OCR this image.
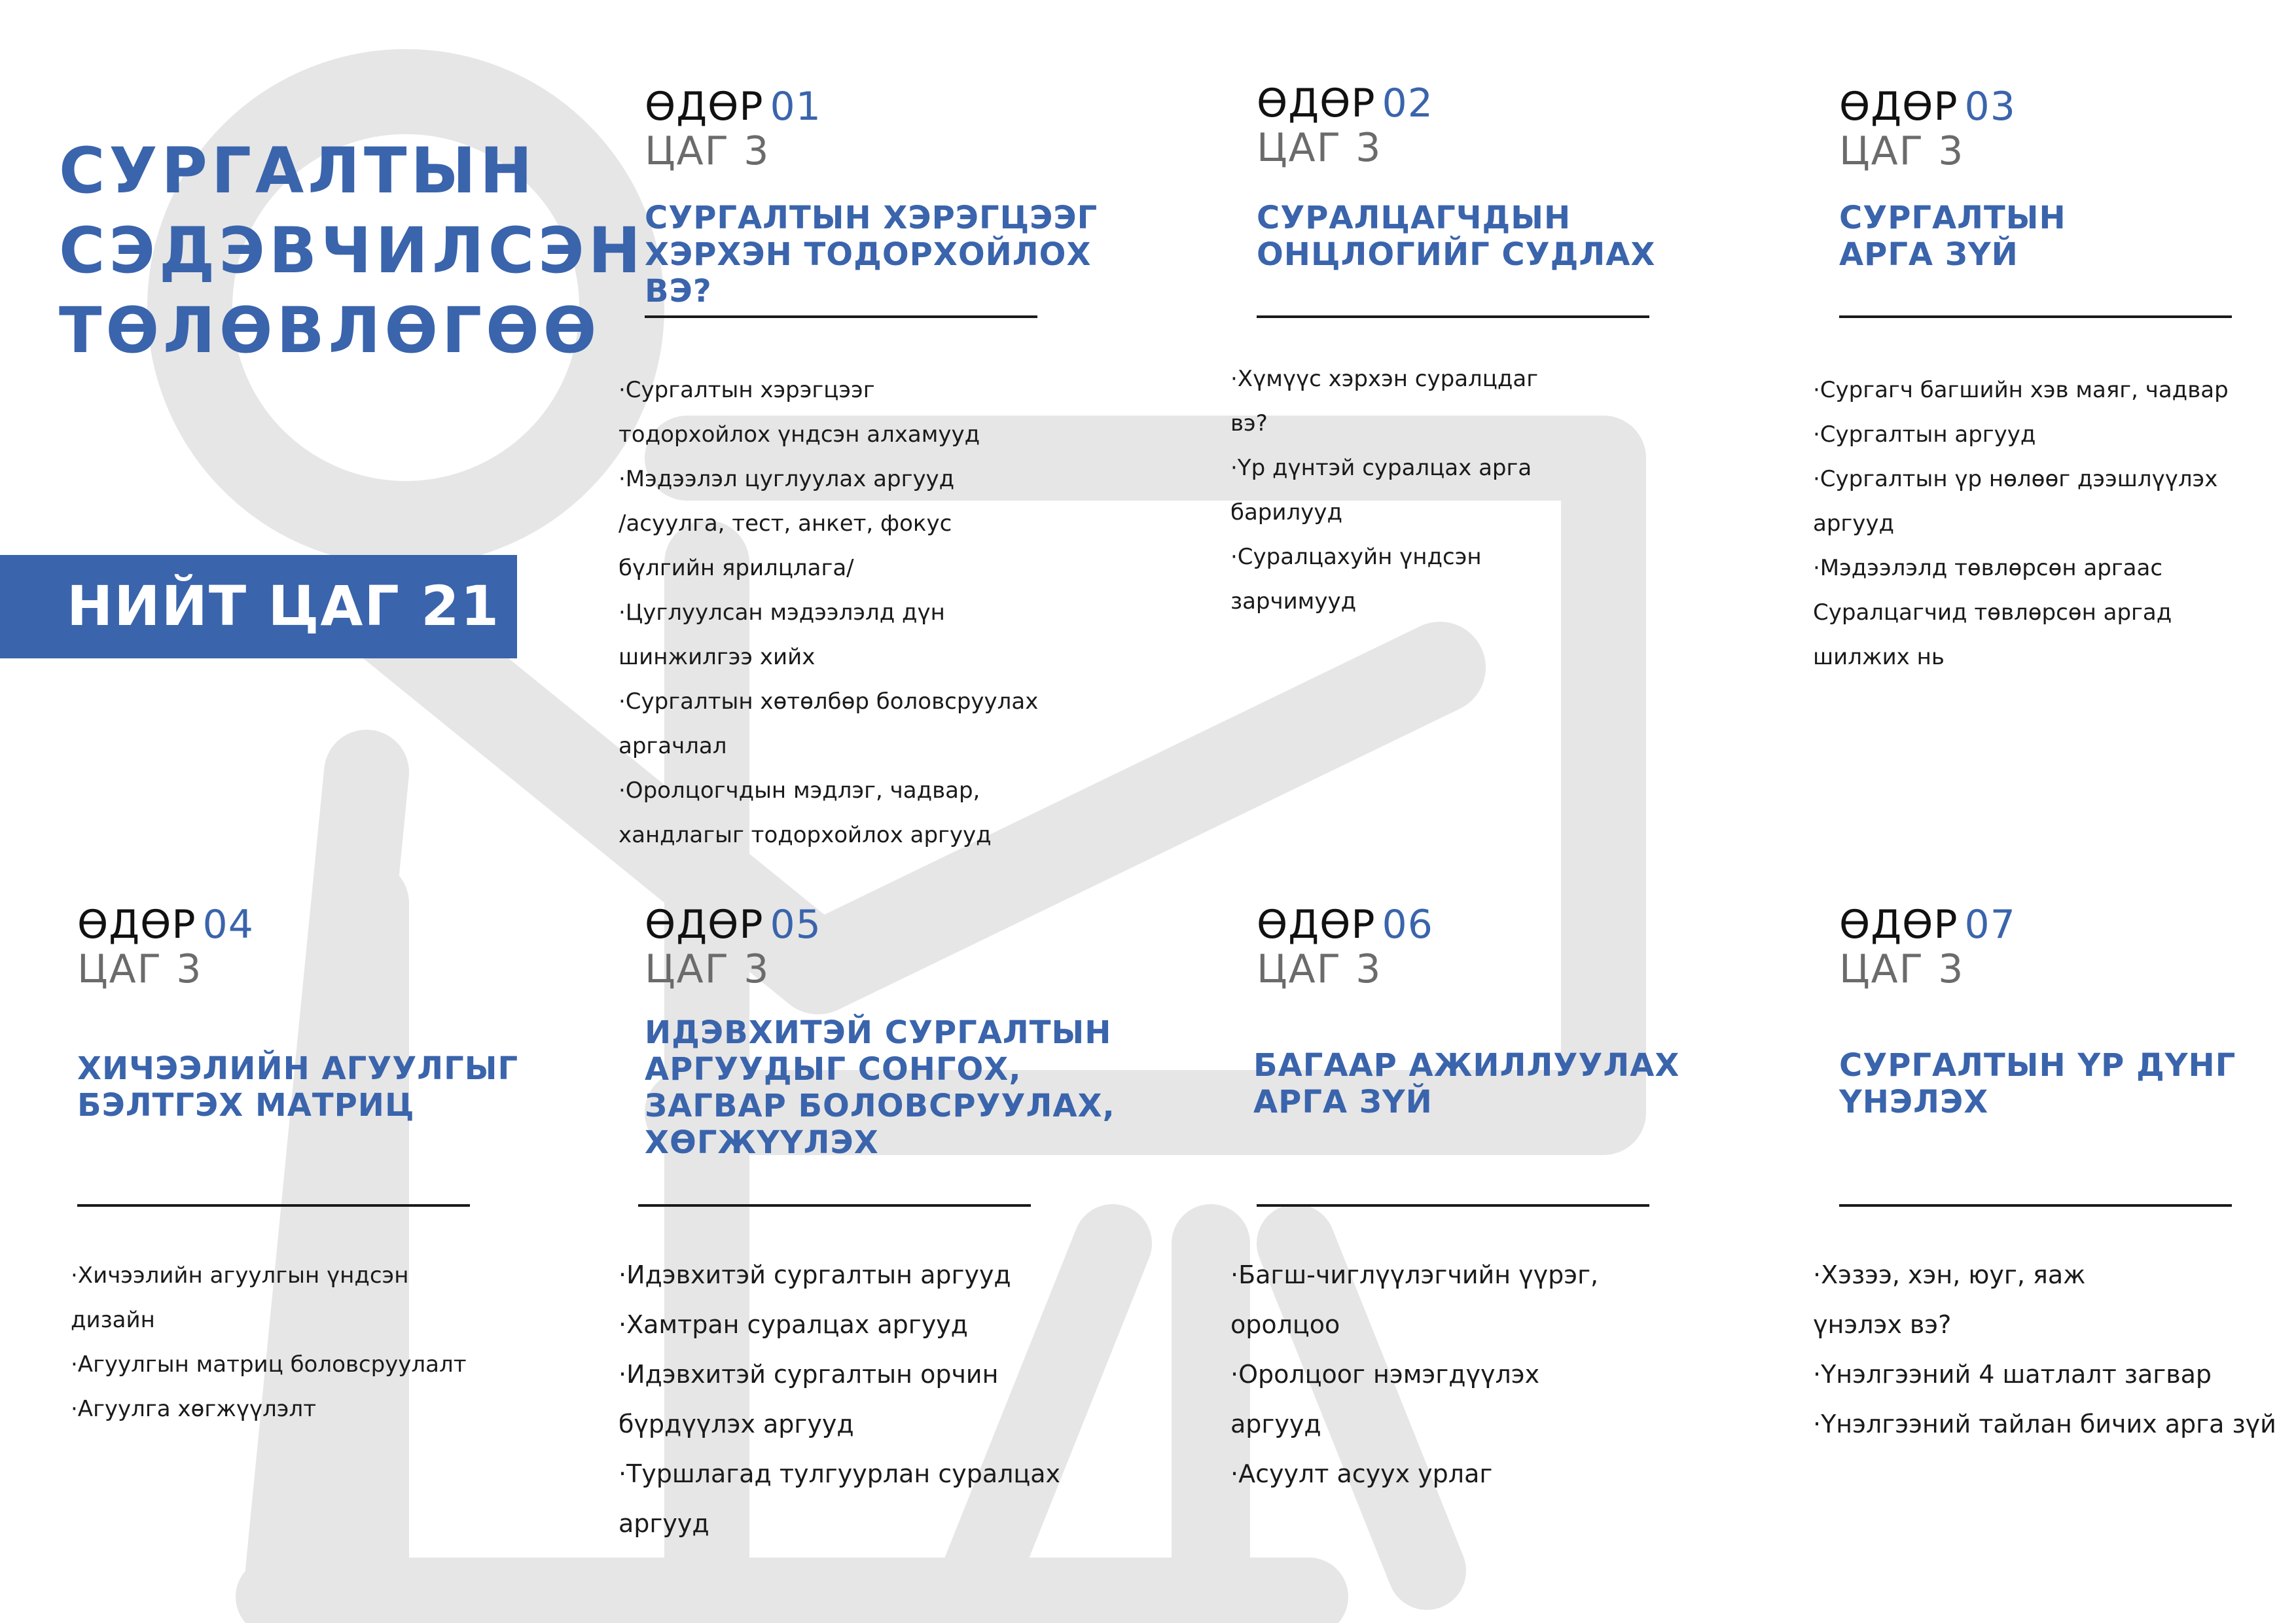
СУРГАЛТЫН
СЭДЭВЧИЛСЭН
ТӨЛӨВЛӨГӨӨ
НИЙТ ЦАГ 21
ӨДӨР 01
ЦАГ 3
СУРГАЛТЫН ХЭРЭГЦЭЭГ
ХЭРХЭН ТОДОРХОЙЛОХ
ВЭ?
·Сургалтын хэрэгцээг
тодорхойлох үндсэн алхамууд
·Мэдээлэл цуглуулах аргууд
/асуулга, тест, анкет, фокус
бүлгийн ярилцлага/
·Цуглуулсан мэдээлэлд дүн
шинжилгээ хийх
·Сургалтын хөтөлбөр боловсруулах
аргачлал
·Оролцогчдын мэдлэг, чадвар,
хандлагыг тодорхойлох аргууд
ӨДӨР 02
ЦАГ 3
СУРАЛЦАГЧДЫН
ОНЦЛОГИЙГ СУДЛАХ
·Хүмүүс хэрхэн суралцдаг
вэ?
·Үр дүнтэй суралцах арга
барилууд
·Суралцахуйн үндсэн
зарчимууд
ӨДӨР 03
ЦАГ 3
СУРГАЛТЫН
АРГА ЗҮЙ
·Сургагч багшийн хэв маяг, чадвар
·Сургалтын аргууд
·Сургалтын үр нөлөөг дээшлүүлэх
аргууд
·Мэдээлэлд төвлөрсөн аргаас
Суралцагчид төвлөрсөн аргад
шилжих нь
ӨДӨР 04
ЦАГ 3
ХИЧЭЭЛИЙН АГУУЛГЫГ
БЭЛТГЭХ МАТРИЦ
·Хичээлийн агуулгын үндсэн
дизайн
·Агуулгын матриц боловсруулалт
·Агуулга хөгжүүлэлт
ӨДӨР 05
ЦАГ 3
ИДЭВХИТЭЙ СУРГАЛТЫН
АРГУУДЫГ СОНГОХ,
ЗАГВАР БОЛОВСРУУЛАХ,
ХӨГЖҮҮЛЭХ
·Идэвхитэй сургалтын аргууд
·Хамтран суралцах аргууд
·Идэвхитэй сургалтын орчин
бүрдүүлэх аргууд
·Туршлагад тулгуурлан суралцах
аргууд
ӨДӨР 06
ЦАГ 3
БАГААР АЖИЛЛУУЛАХ
АРГА ЗҮЙ
·Багш-чиглүүлэгчийн үүрэг,
оролцоо
·Оролцоог нэмэгдүүлэх
аргууд
·Асуулт асуух урлаг
ӨДӨР 07
ЦАГ 3
СУРГАЛТЫН ҮР ДҮНГ
ҮНЭЛЭХ
·Хэзээ, хэн, юуг, яаж
үнэлэх вэ?
·Үнэлгээний 4 шатлалт загвар
·Үнэлгээний тайлан бичих арга зүй
